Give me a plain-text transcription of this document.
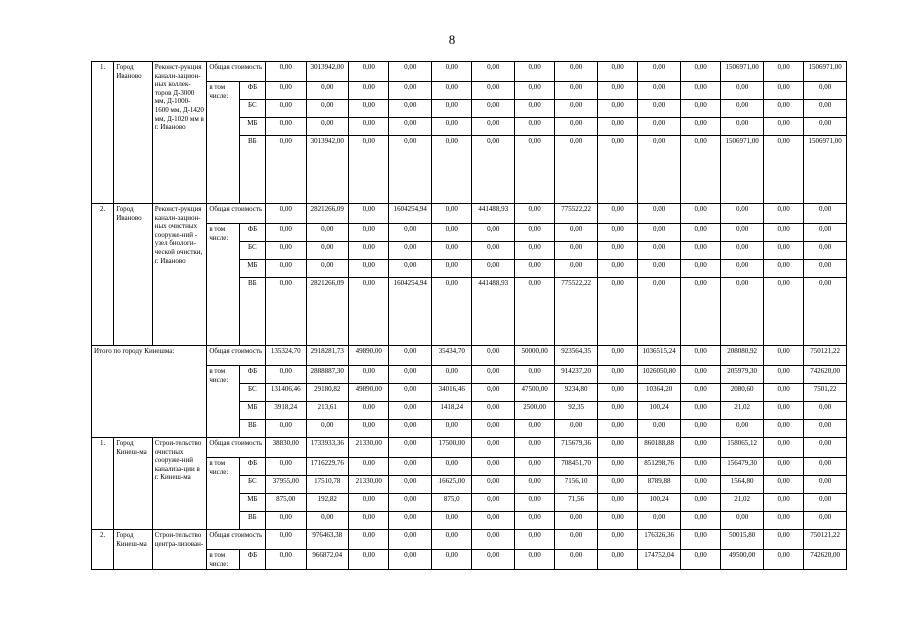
8
1.	Город Иваново	Реконст-рукция канали-зацион-ных коллек-торов Д-3000 мм, Д-1000-1600 мм, Д-1420 мм, Д-1020 мм в г. Иваново	Общая стоимость		0,00	3013942,00	0,00	0,00	0,00	0,00	0,00	0,00	0,00	0,00	0,00	1506971,00	0,00	1506971,00
			в том числе:	ФБ	0,00	0,00	0,00	0,00	0,00	0,00	0,00	0,00	0,00	0,00	0,00	0,00	0,00	0,00
				БС	0,00	0,00	0,00	0,00	0,00	0,00	0,00	0,00	0,00	0,00	0,00	0,00	0,00	0,00
				МБ	0,00	0,00	0,00	0,00	0,00	0,00	0,00	0,00	0,00	0,00	0,00	0,00	0,00	0,00
				ВБ	0,00	3013942,00	0,00	0,00	0,00	0,00	0,00	0,00	0,00	0,00	0,00	1506971,00	0,00	1506971,00
2.	Город Иваново	Реконст-рукция канали-зацион-ных очистных сооруже-ний - узел биологи-ческой очистки, г. Иваново	Общая стоимость		0,00	2821266,09	0,00	1604254,94	0,00	441488,93	0,00	775522,22	0,00	0,00	0,00	0,00	0,00	0,00
			в том числе:	ФБ	0,00	0,00	0,00	0,00	0,00	0,00	0,00	0,00	0,00	0,00	0,00	0,00	0,00	0,00
				БС	0,00	0,00	0,00	0,00	0,00	0,00	0,00	0,00	0,00	0,00	0,00	0,00	0,00	0,00
				МБ	0,00	0,00	0,00	0,00	0,00	0,00	0,00	0,00	0,00	0,00	0,00	0,00	0,00	0,00
				ВБ	0,00	2821266,09	0,00	1604254,94	0,00	441488,93	0,00	775522,22	0,00	0,00	0,00	0,00	0,00	0,00
Итого по городу Кинешма:			Общая стоимость		135324,70	2918281,73	49890,00	0,00	35434,70	0,00	50000,00	923564,35	0,00	1036515,24	0,00	208080,92	0,00	750121,22
			в том числе:	ФБ	0,00	2888887,30	0,00	0,00	0,00	0,00	0,00	914237,20	0,00	1026050,80	0,00	205979,30	0,00	742620,00
				БС	131406,46	29180,82	49890,00	0,00	34016,46	0,00	47500,00	9234,80	0,00	10364,20	0,00	2080,60	0,00	7501,22
				МБ	3918,24	213,61	0,00	0,00	1418,24	0,00	2500,00	92,35	0,00	100,24	0,00	21,02	0,00	0,00
				ВБ	0,00	0,00	0,00	0,00	0,00	0,00	0,00	0,00	0,00	0,00	0,00	0,00	0,00	0,00
1.	Город Кинеш-ма	Строи-тельство очистных сооруже-ний канализа-ции в г. Кинеш-ма	Общая стоимость		38830,00	1733933,36	21330,00	0,00	17500,00	0,00	0,00	715679,36	0,00	860188,88	0,00	158065,12	0,00	0,00
			в том числе:	ФБ	0,00	1716229,76	0,00	0,00	0,00	0,00	0,00	708451,70	0,00	851298,76	0,00	156479,30	0,00	0,00
				БС	37955,00	17510,78	21330,00	0,00	16625,00	0,00	0,00	7156,10	0,00	8789,88	0,00	1564,80	0,00	0,00
				МБ	875,00	192,82	0,00	0,00	875,0	0,00	0,00	71,56	0,00	100,24	0,00	21,02	0,00	0,00
				ВБ	0,00	0,00	0,00	0,00	0,00	0,00	0,00	0,00	0,00	0,00	0,00	0,00	0,00	0,00
2.	Город Кинеш-ма	Строи-тельство центра-лизован-	Общая стоимость		0,00	976463,38	0,00	0,00	0,00	0,00	0,00	0,00	0,00	176326,36	0,00	50015,80	0,00	750121,22
			в том числе:	ФБ	0,00	966872,04	0,00	0,00	0,00	0,00	0,00	0,00	0,00	174752,04	0,00	49500,00	0,00	742620,00
